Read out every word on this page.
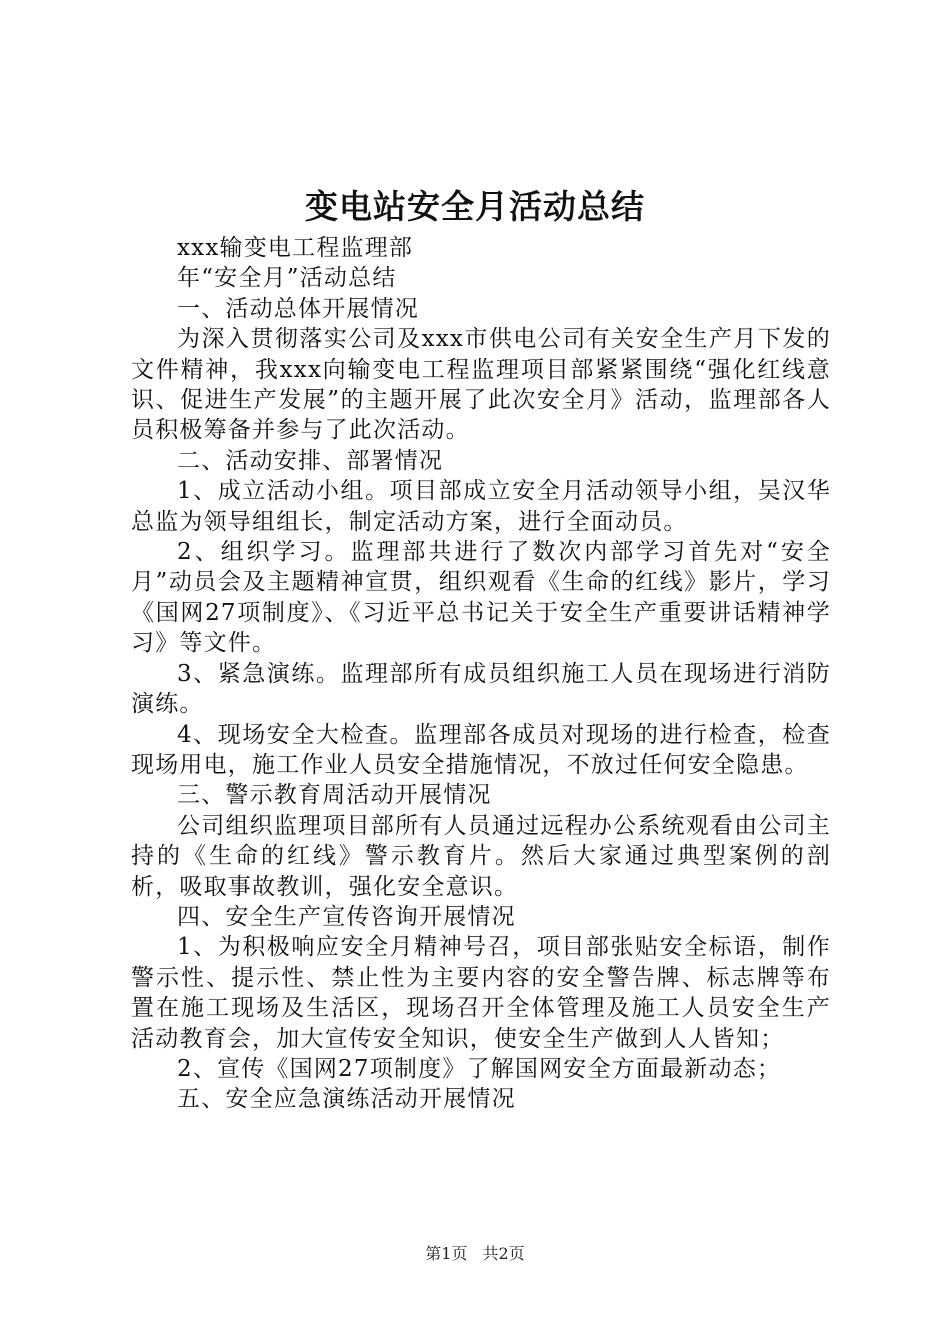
变电站安全月活动总结

xxx输变电工程监理部

年“安全月”活动总结

一、活动总体开展情况

为深入贯彻落实公司及xxx市供电公司有关安全生产月下发的文件精神，我xxx向输变电工程监理项目部紧紧围绕“强化红线意识、促进生产发展”的主题开展了此次安全月》活动，监理部各人员积极筹备并参与了此次活动。

二、活动安排、部署情况

1、成立活动小组。项目部成立安全月活动领导小组，吴汉华总监为领导组组长，制定活动方案，进行全面动员。

2、组织学习。监理部共进行了数次内部学习首先对“安全月”动员会及主题精神宣贯，组织观看《生命的红线》影片，学习《国网27项制度》、《习近平总书记关于安全生产重要讲话精神学习》等文件。

3、紧急演练。监理部所有成员组织施工人员在现场进行消防演练。

4、现场安全大检查。监理部各成员对现场的进行检查，检查现场用电，施工作业人员安全措施情况，不放过任何安全隐患。

三、警示教育周活动开展情况

公司组织监理项目部所有人员通过远程办公系统观看由公司主持的《生命的红线》警示教育片。然后大家通过典型案例的剖析，吸取事故教训，强化安全意识。

四、安全生产宣传咨询开展情况

1、为积极响应安全月精神号召，项目部张贴安全标语，制作警示性、提示性、禁止性为主要内容的安全警告牌、标志牌等布置在施工现场及生活区，现场召开全体管理及施工人员安全生产活动教育会，加大宣传安全知识，使安全生产做到人人皆知；

2、宣传《国网27项制度》了解国网安全方面最新动态；

五、安全应急演练活动开展情况

第1页 共2页
